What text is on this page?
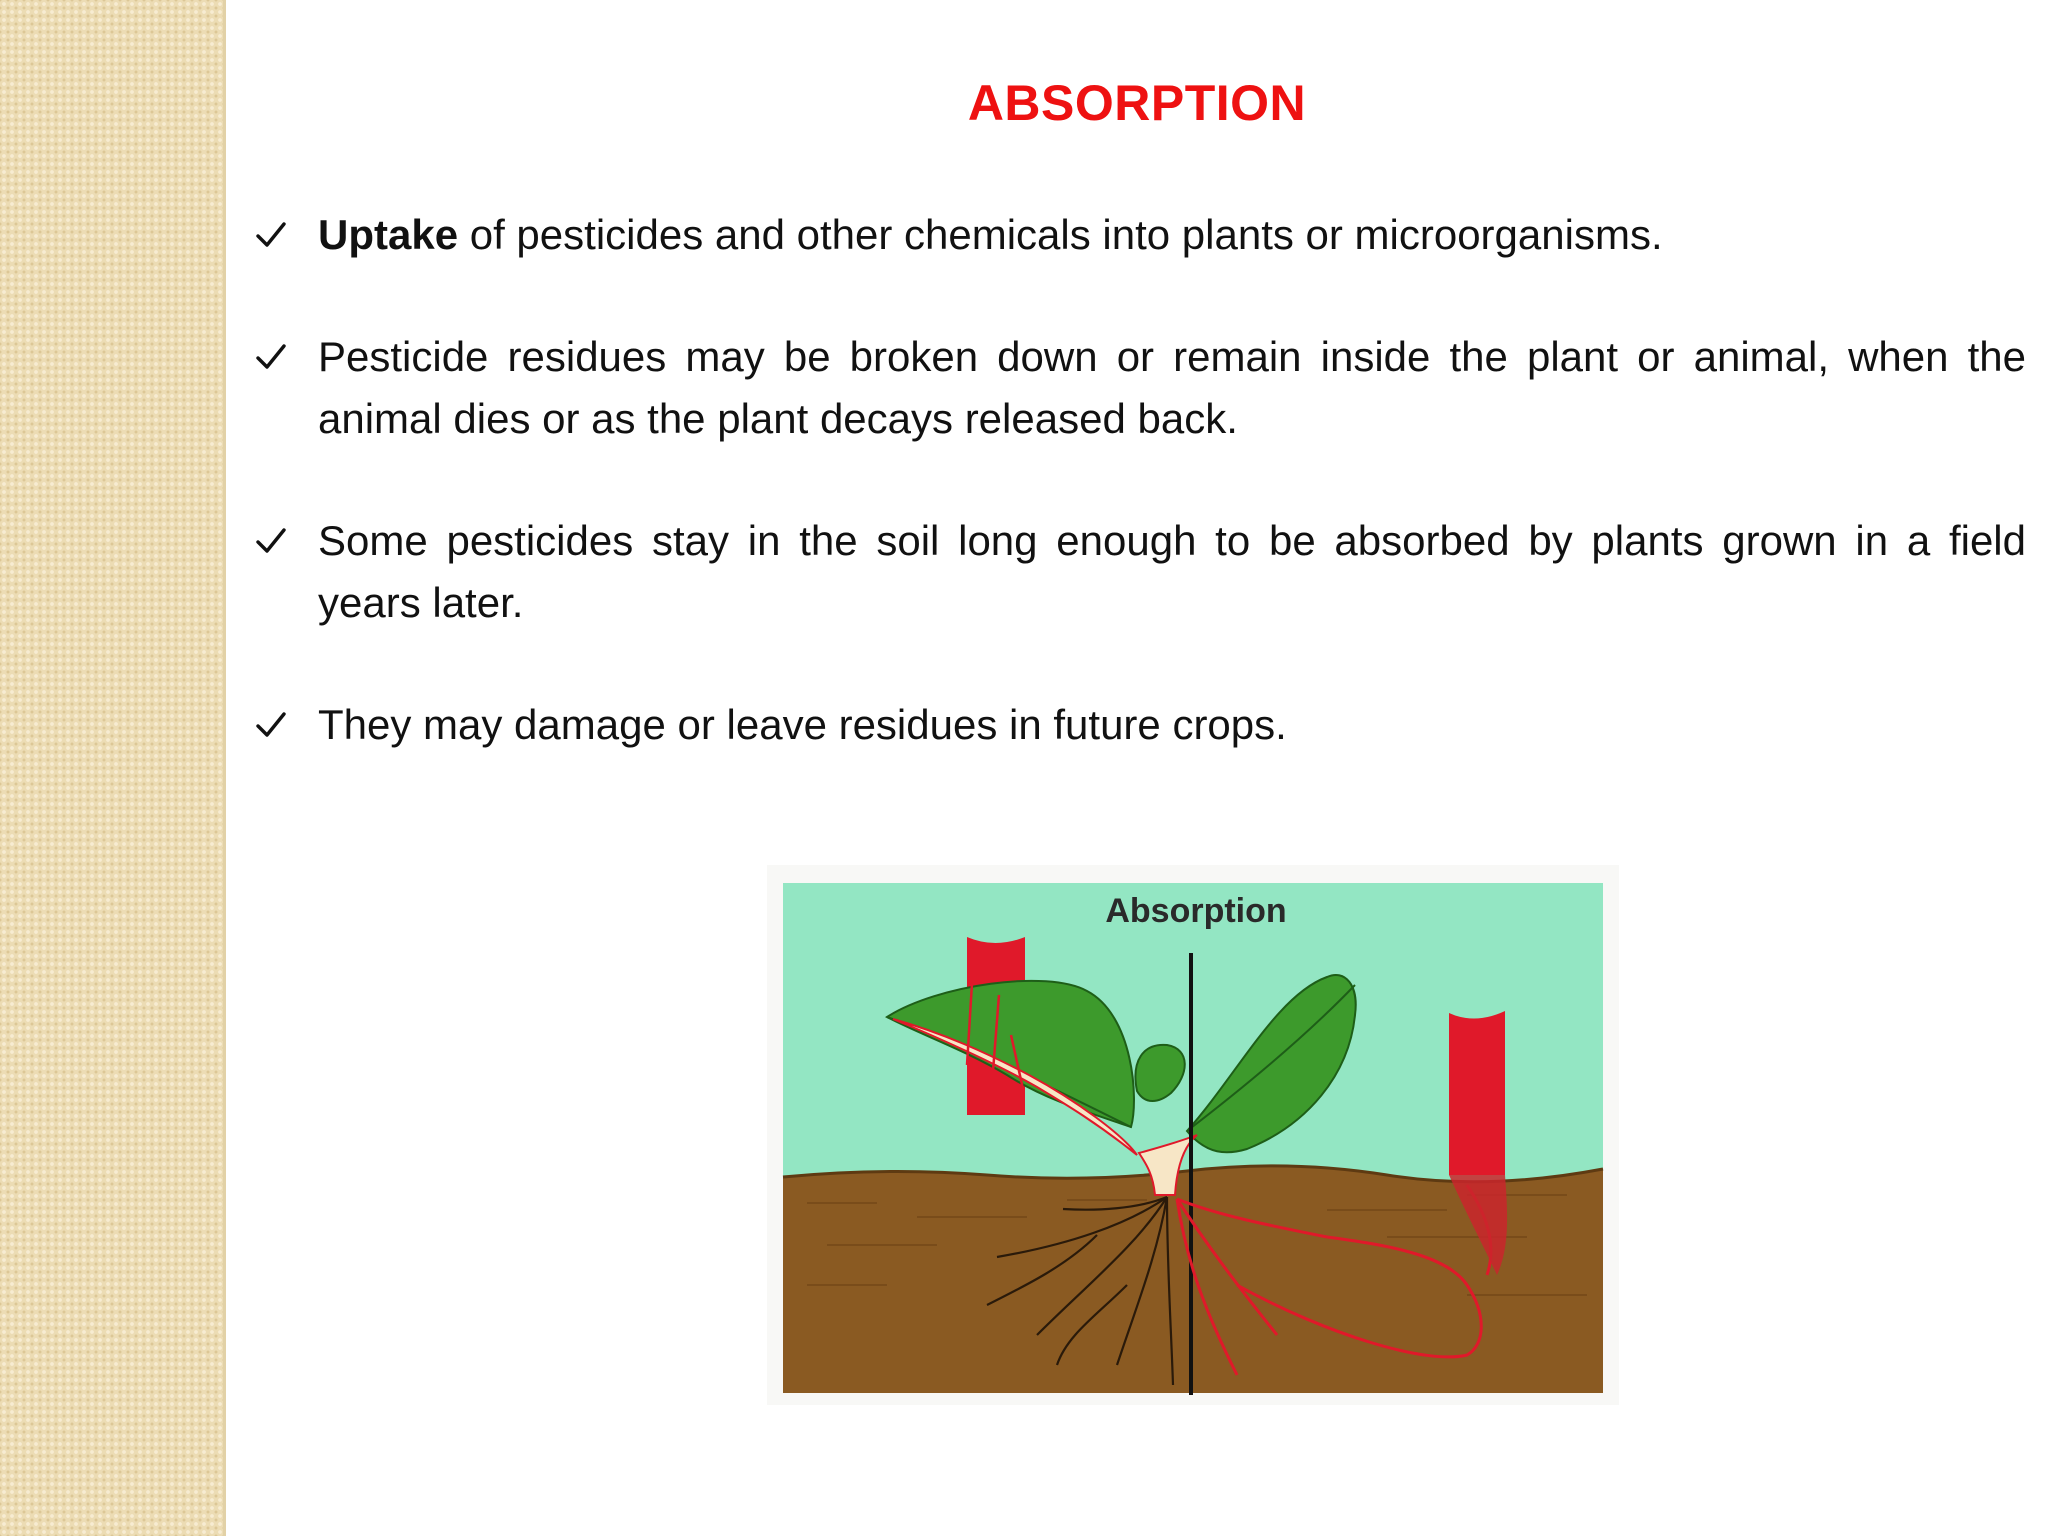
ABSORPTION
Uptake of pesticides and other chemicals into plants or microorganisms.
Pesticide residues may be broken down or remain inside the plant or animal, when the animal dies or as the plant decays released back.
Some pesticides stay in the soil long enough to be absorbed by plants grown in a field years later.
They may damage or leave residues in future crops.
Absorption
